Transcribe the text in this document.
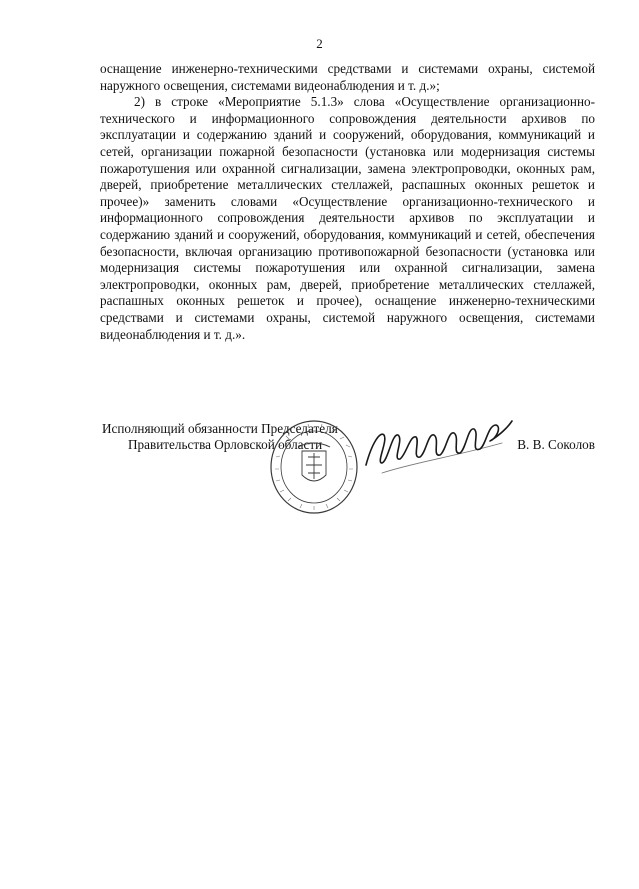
2

оснащение инженерно-техническими средствами и системами охраны, системой наружного освещения, системами видеонаблюдения и т. д.»;

2) в строке «Мероприятие 5.1.3» слова «Осуществление организационно-технического и информационного сопровождения деятельности архивов по эксплуатации и содержанию зданий и сооружений, оборудования, коммуникаций и сетей, организации пожарной безопасности (установка или модернизация системы пожаротушения или охранной сигнализации, замена электропроводки, оконных рам, дверей, приобретение металлических стеллажей, распашных оконных решеток и прочее)» заменить словами «Осуществление организационно-технического и информационного сопровождения деятельности архивов по эксплуатации и содержанию зданий и сооружений, оборудования, коммуникаций и сетей, обеспечения безопасности, включая организацию противопожарной безопасности (установка или модернизация системы пожаротушения или охранной сигнализации, замена электропроводки, оконных рам, дверей, приобретение металлических стеллажей, распашных оконных решеток и прочее), оснащение инженерно-техническими средствами и системами охраны, системой наружного освещения, системами видеонаблюдения и т. д.».

Исполняющий обязанности Председателя
Правительства Орловской области	В. В. Соколов
